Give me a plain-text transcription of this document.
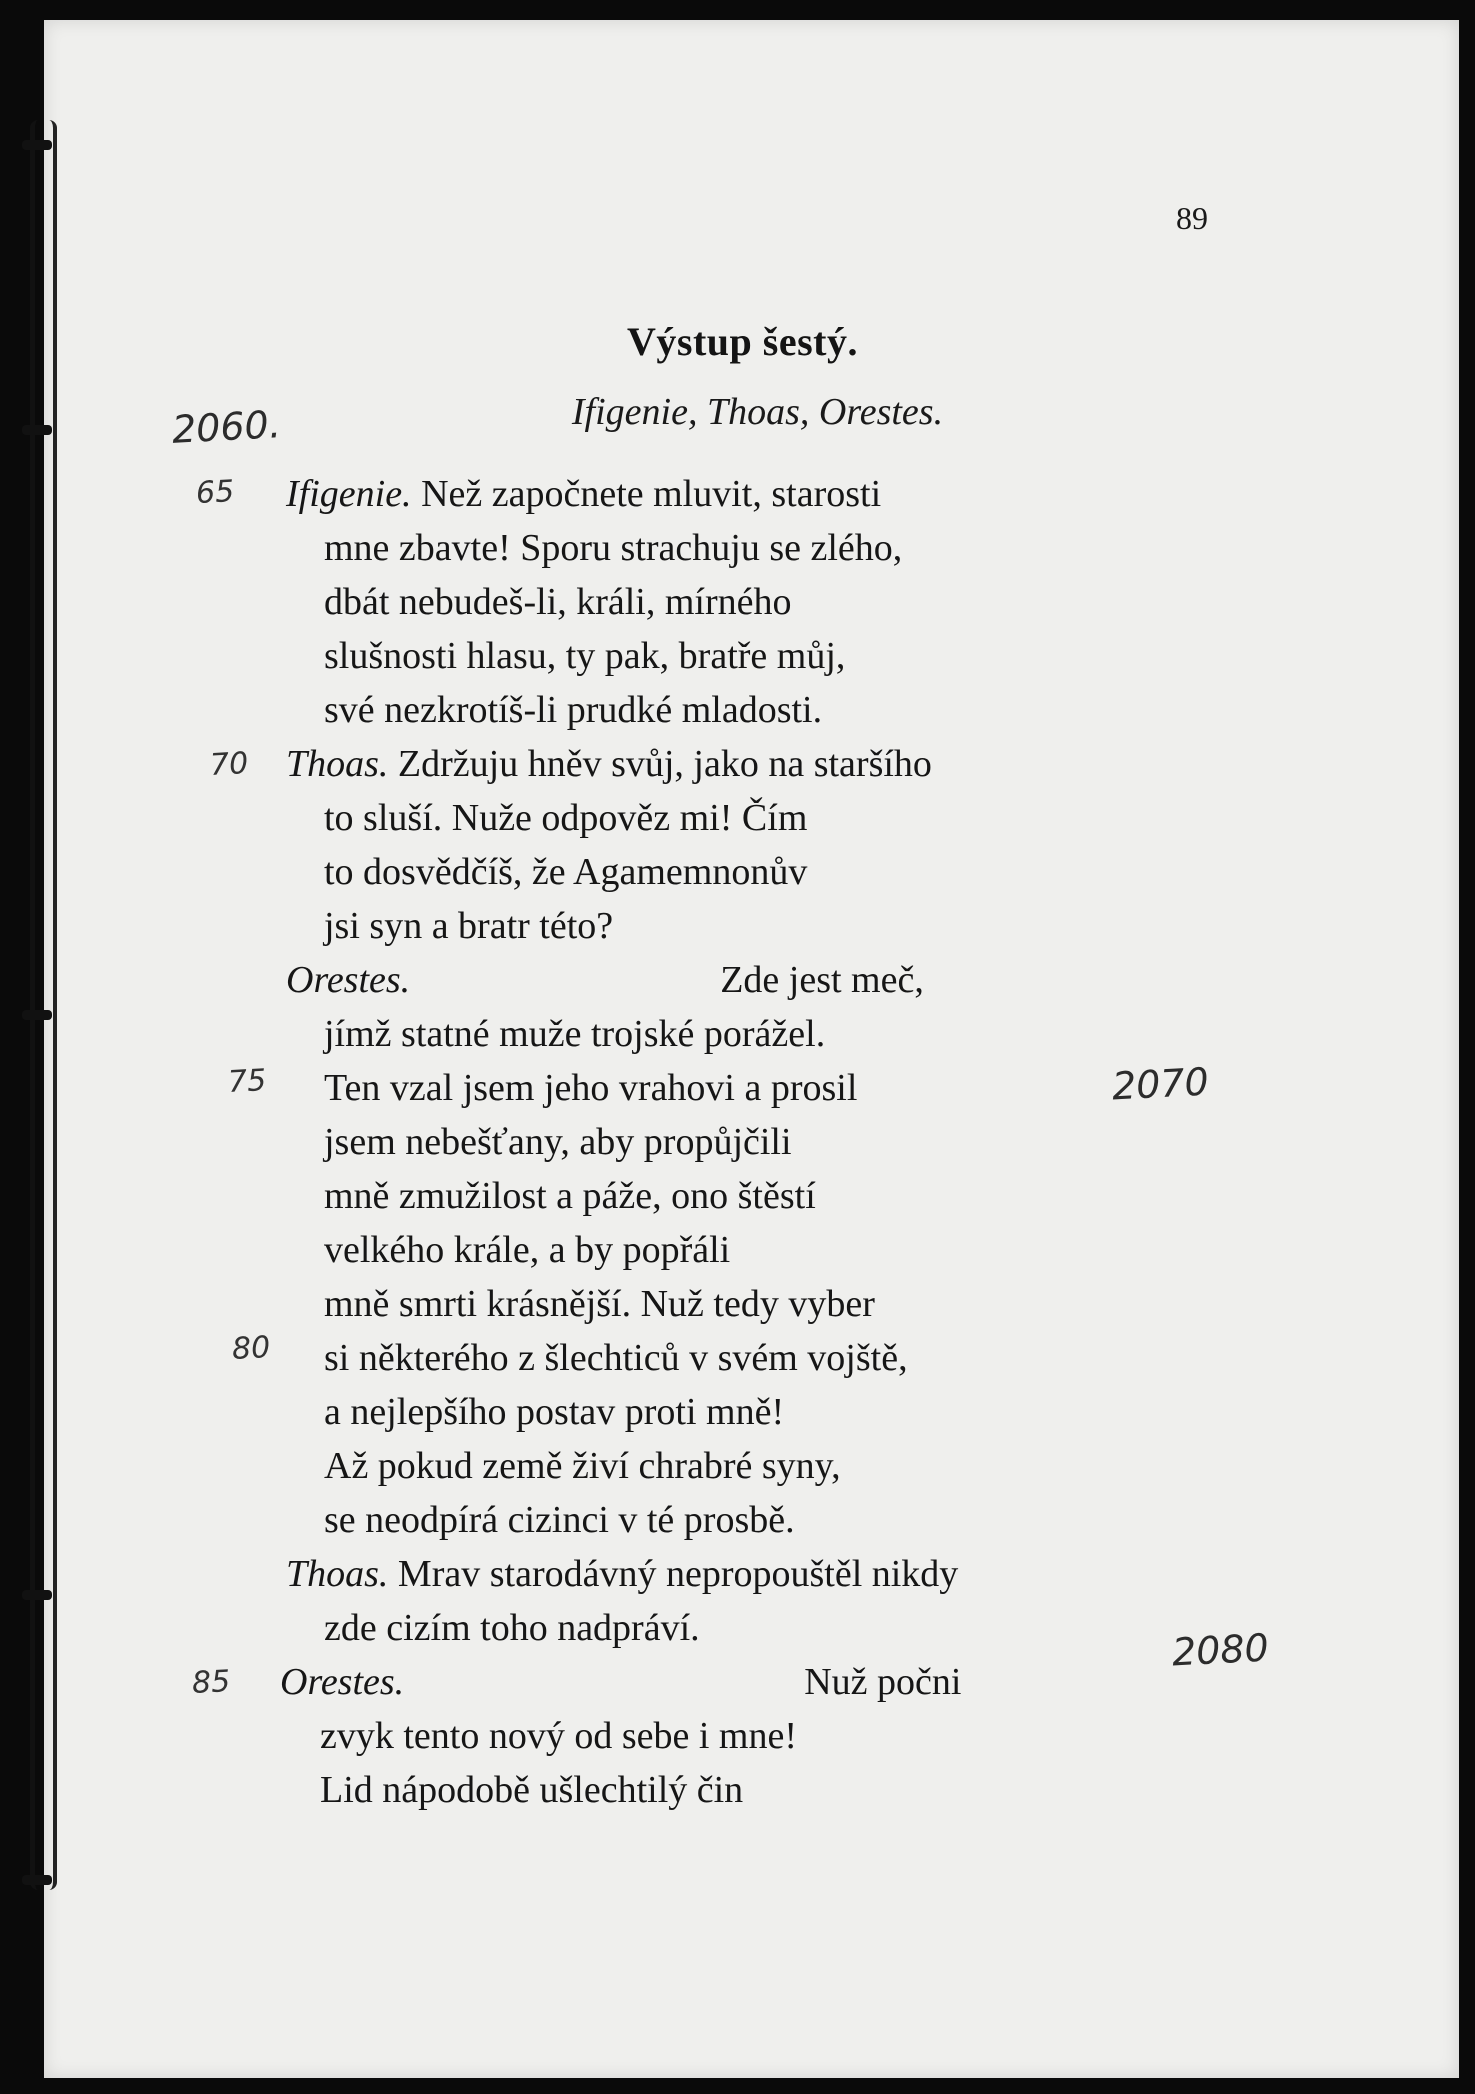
89
Výstup šestý.
Ifigenie, Thoas, Orestes.
Ifigenie. Než započnete mluvit, starosti
mne zbavte! Sporu strachuju se zlého,
dbát nebudeš-li, králi, mírného
slušnosti hlasu, ty pak, bratře můj,
své nezkrotíš-li prudké mladosti.
Thoas. Zdržuju hněv svůj, jako na staršího
to sluší. Nuže odpověz mi! Čím
to dosvědčíš, že Agamemnonův
jsi syn a bratr této?
Orestes.	Zde jest meč,
jímž statné muže trojské porážel.
Ten vzal jsem jeho vrahovi a prosil
jsem nebešťany, aby propůjčili
mně zmužilost a páže, ono štěstí
velkého krále, a by popřáli
mně smrti krásnější. Nuž tedy vyber
si některého z šlechticů v svém vojště,
a nejlepšího postav proti mně!
Až pokud země živí chrabré syny,
se neodpírá cizinci v té prosbě.
Thoas. Mrav starodávný nepropouštěl nikdy
zde cizím toho nadpráví.
Orestes.	Nuž počni
zvyk tento nový od sebe i mne!
Lid nápodobě ušlechtilý čin
2060.
65
70
75
80
85
2070
2080
